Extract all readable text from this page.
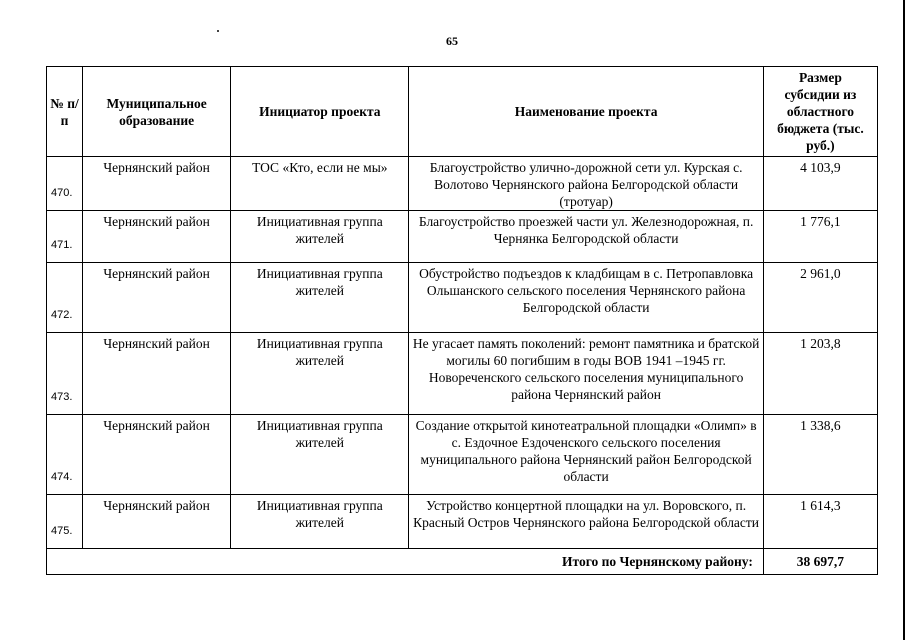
65
№ п/п	Муниципальное образование	Инициатор проекта	Наименование проекта	Размер субсидии из областного бюджета (тыс. руб.)
470.	Чернянский район	ТОС «Кто, если не мы»	Благоустройство улично-дорожной сети ул. Курская с. Волотово Чернянского района Белгородской области (тротуар)	4 103,9
471.	Чернянский район	Инициативная группа жителей	Благоустройство проезжей части ул. Железнодорожная, п. Чернянка Белгородской области	1 776,1
472.	Чернянский район	Инициативная группа жителей	Обустройство подъездов к кладбищам в с. Петропавловка Ольшанского сельского поселения Чернянского района Белгородской области	2 961,0
473.	Чернянский район	Инициативная группа жителей	Не угасает память поколений: ремонт памятника и братской могилы 60 погибшим в годы ВОВ 1941 –1945 гг. Новореченского сельского поселения муниципального района Чернянский район	1 203,8
474.	Чернянский район	Инициативная группа жителей	Создание открытой кинотеатральной площадки «Олимп» в с. Ездочное Ездоченского сельского поселения муниципального района Чернянский район Белгородской области	1 338,6
475.	Чернянский район	Инициативная группа жителей	Устройство концертной площадки на ул. Воровского, п. Красный Остров Чернянского района Белгородской области	1 614,3
Итого по Чернянскому району:				38 697,7
